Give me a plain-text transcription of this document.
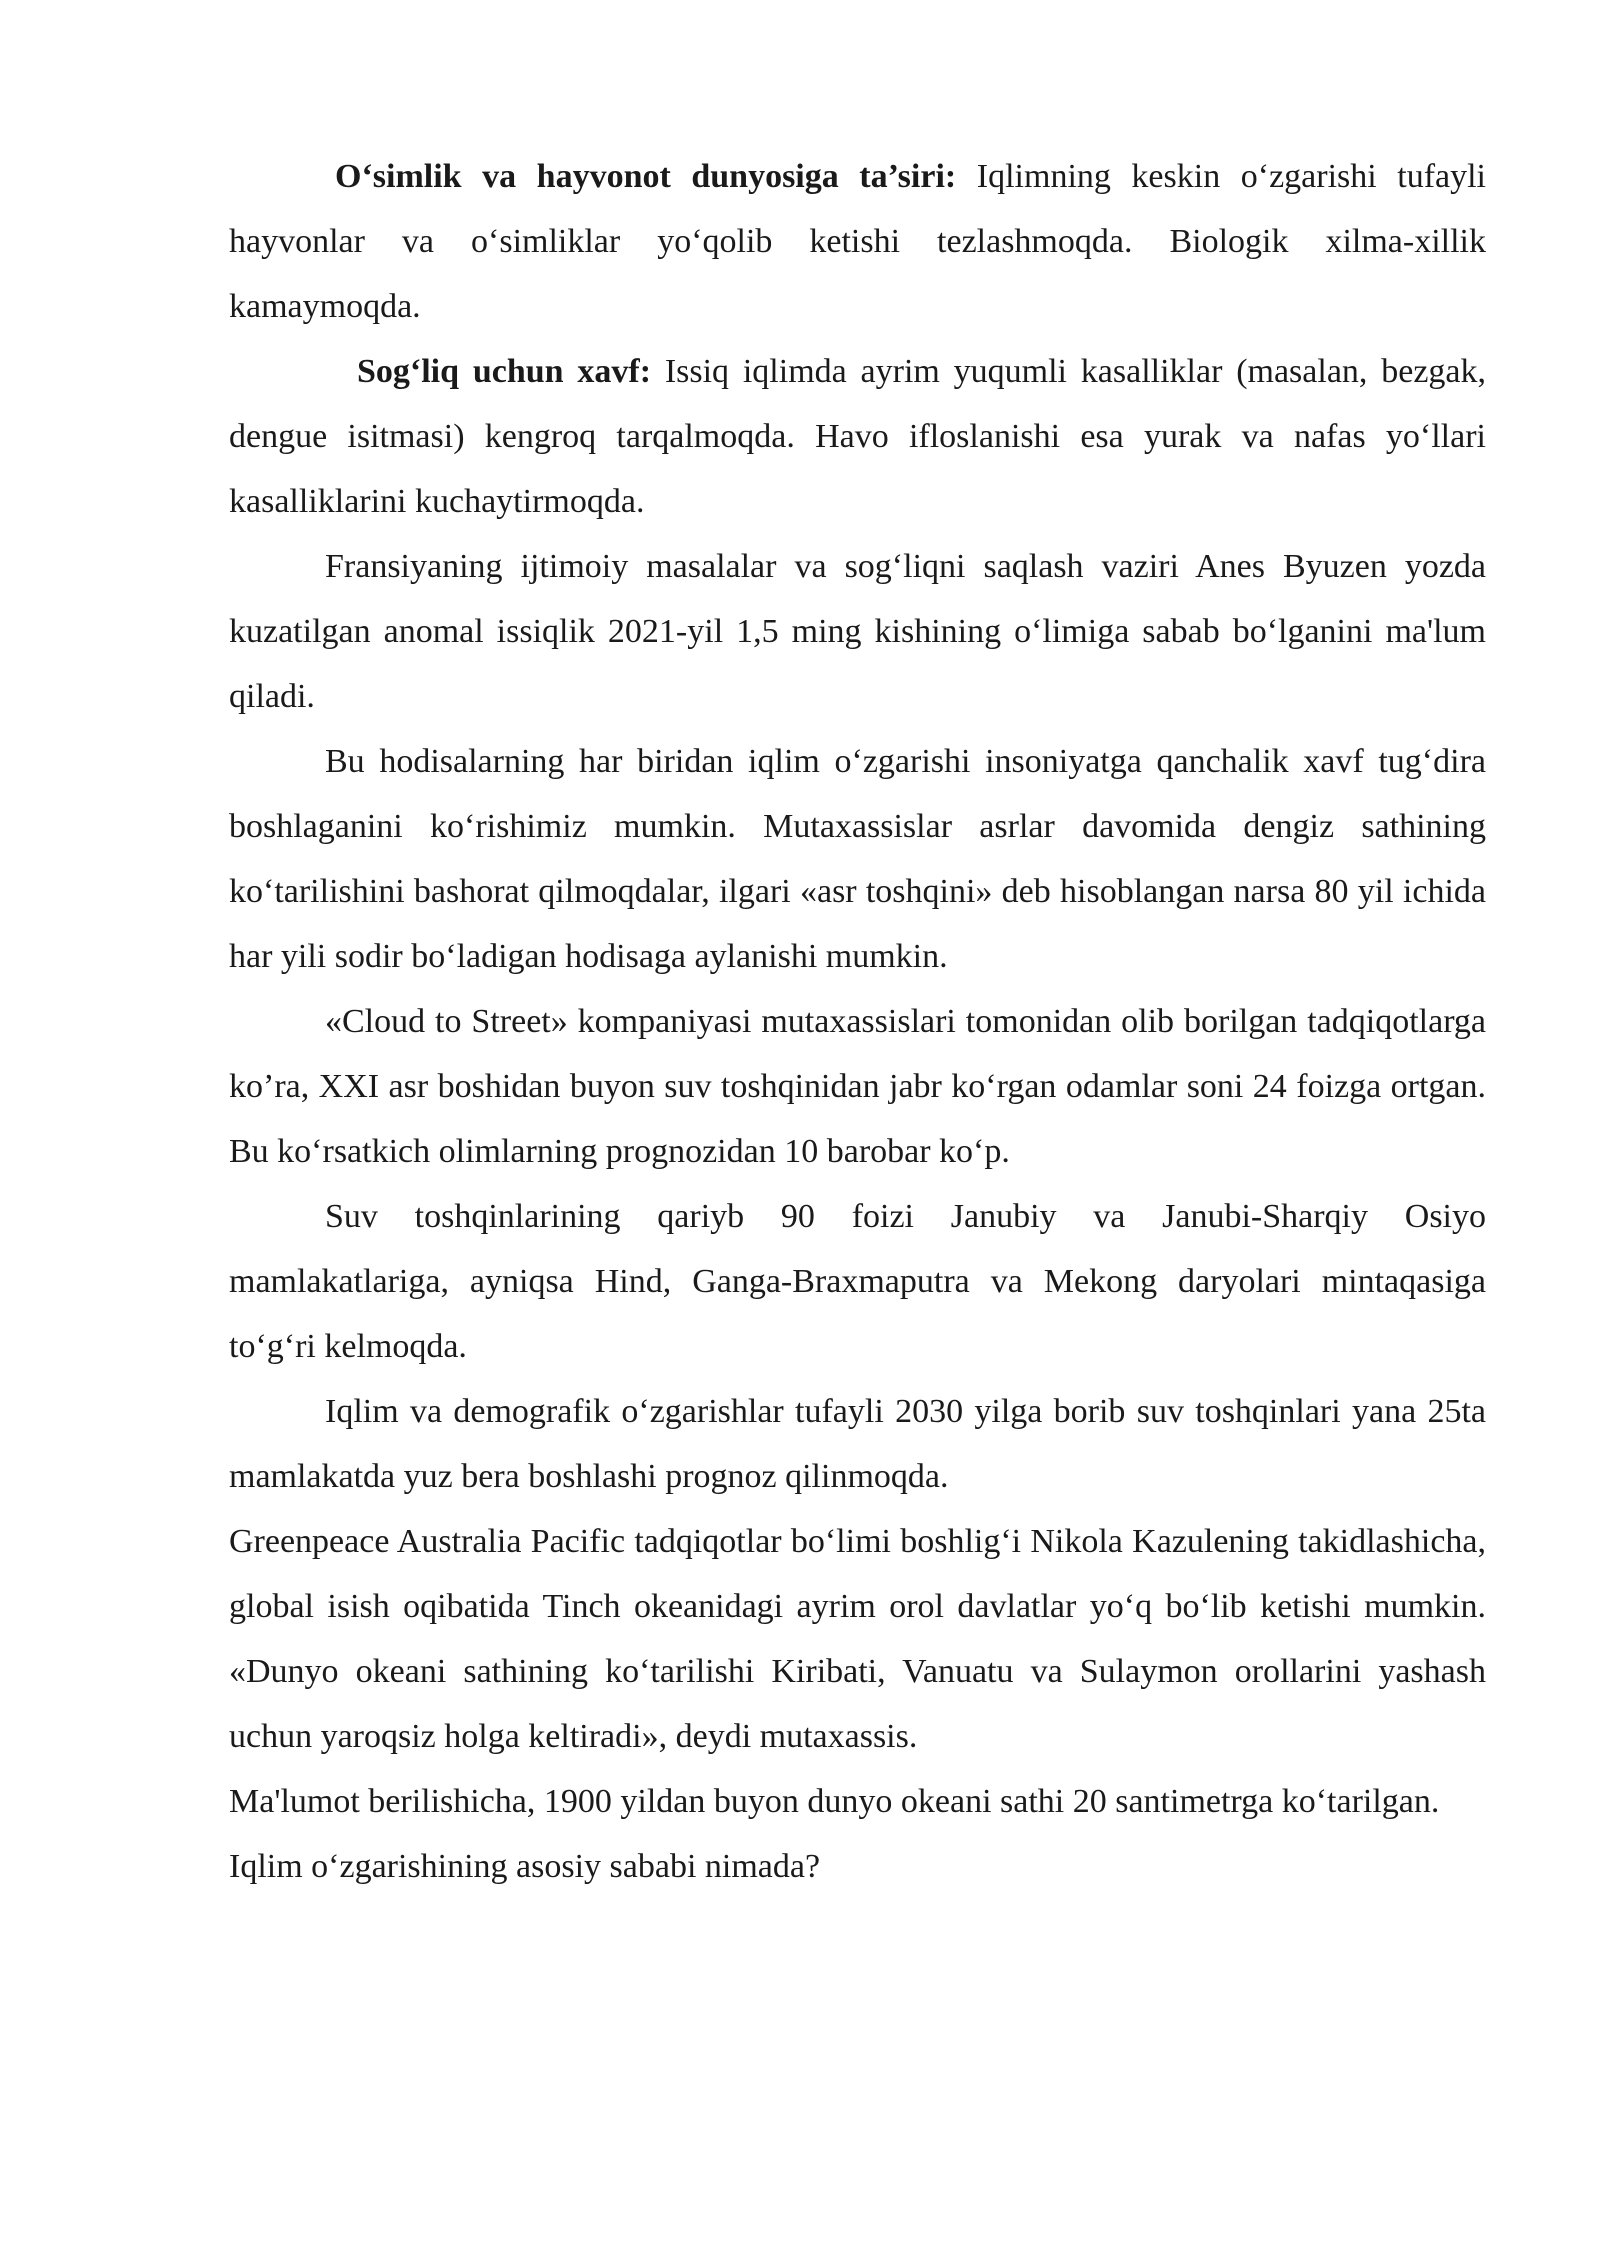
O‘simlik va hayvonot dunyosiga ta’siri: Iqlimning keskin o‘zgarishi tufayli hayvonlar va o‘simliklar yo‘qolib ketishi tezlashmoqda. Biologik xilma-xillik kamaymoqda.

Sog‘liq uchun xavf: Issiq iqlimda ayrim yuqumli kasalliklar (masalan, bezgak, dengue isitmasi) kengroq tarqalmoqda. Havo ifloslanishi esa yurak va nafas yo‘llari kasalliklarini kuchaytirmoqda.

Fransiyaning ijtimoiy masalalar va sog‘liqni saqlash vaziri Anes Byuzen yozda kuzatilgan anomal issiqlik 2021-yil 1,5 ming kishining o‘limiga sabab bo‘lganini ma'lum qiladi.

Bu hodisalarning har biridan iqlim o‘zgarishi insoniyatga qanchalik xavf tug‘dira boshlaganini ko‘rishimiz mumkin. Mutaxassislar asrlar davomida dengiz sathining ko‘tarilishini bashorat qilmoqdalar, ilgari «asr toshqini» deb hisoblangan narsa 80 yil ichida har yili sodir bo‘ladigan hodisaga aylanishi mumkin.

«Cloud to Street» kompaniyasi mutaxassislari tomonidan olib borilgan tadqiqotlarga ko’ra, XXI asr boshidan buyon suv toshqinidan jabr ko‘rgan odamlar soni 24 foizga ortgan. Bu ko‘rsatkich olimlarning prognozidan 10 barobar ko‘p.

Suv toshqinlarining qariyb 90 foizi Janubiy va Janubi-Sharqiy Osiyo mamlakatlariga, ayniqsa Hind, Ganga-Braxmaputra va Mekong daryolari mintaqasiga to‘g‘ri kelmoqda.

Iqlim va demografik o‘zgarishlar tufayli 2030 yilga borib suv toshqinlari yana 25ta mamlakatda yuz bera boshlashi prognoz qilinmoqda.

Greenpeace Australia Pacific tadqiqotlar bo‘limi boshlig‘i Nikola Kazulening takidlashicha, global isish oqibatida Tinch okeanidagi ayrim orol davlatlar yo‘q bo‘lib ketishi mumkin. «Dunyo okeani sathining ko‘tarilishi Kiribati, Vanuatu va Sulaymon orollarini yashash uchun yaroqsiz holga keltiradi», deydi mutaxassis.

Ma'lumot berilishicha, 1900 yildan buyon dunyo okeani sathi 20 santimetrga ko‘tarilgan.

Iqlim o‘zgarishining asosiy sababi nimada?
